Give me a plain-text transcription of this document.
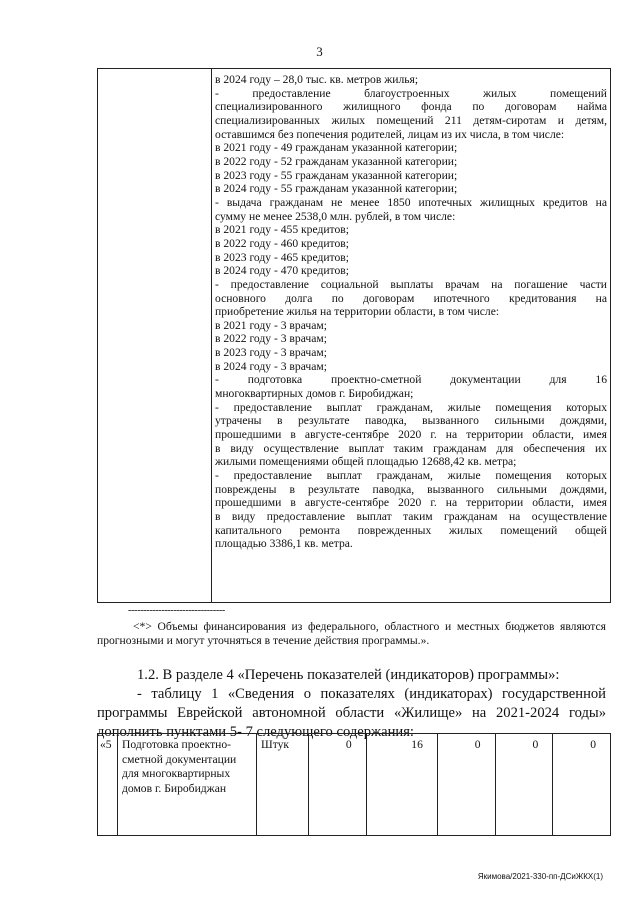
3
в 2024 году – 28,0 тыс. кв. метров жилья;
- предоставление благоустроенных жилых помещений
специализированного жилищного фонда по договорам найма
специализированных жилых помещений 211 детям-сиротам и детям,
оставшимся без попечения родителей, лицам из их числа, в том числе:
в 2021 году - 49 гражданам указанной категории;
в 2022 году - 52 гражданам указанной категории;
в 2023 году - 55 гражданам указанной категории;
в 2024 году - 55 гражданам указанной категории;
- выдача гражданам не менее 1850 ипотечных жилищных кредитов на
сумму не менее 2538,0 млн. рублей, в том числе:
в 2021 году - 455 кредитов;
в 2022 году - 460 кредитов;
в 2023 году - 465 кредитов;
в 2024 году - 470 кредитов;
- предоставление социальной выплаты врачам на погашение части
основного долга по договорам ипотечного кредитования на
приобретение жилья на территории области, в том числе:
в 2021 году - 3 врачам;
в 2022 году - 3 врачам;
в 2023 году - 3 врачам;
в 2024 году - 3 врачам;
- подготовка проектно-сметной документации для 16
многоквартирных домов г. Биробиджан;
- предоставление выплат гражданам, жилые помещения которых
утрачены в результате паводка, вызванного сильными дождями,
прошедшими в августе-сентябре 2020 г. на территории области, имея
в виду осуществление выплат таким гражданам для обеспечения их
жилыми помещениями общей площадью 12688,42 кв. метра;
- предоставление выплат гражданам, жилые помещения которых
повреждены в результате паводка, вызванного сильными дождями,
прошедшими в августе-сентябре 2020 г. на территории области, имея
в виду предоставление выплат таким гражданам на осуществление
капитального ремонта поврежденных жилых помещений общей
площадью 3386,1 кв. метра.
--------------------------------
<*> Объемы финансирования из федерального, областного и местных бюджетов являются прогнозными и могут уточняться в течение действия программы.».
1.2. В разделе 4 «Перечень показателей (индикаторов) программы»:
- таблицу 1 «Сведения о показателях (индикаторах) государственной программы Еврейской автономной области «Жилище» на 2021-2024 годы» дополнить пунктами 5- 7 следующего содержания:
«5	Подготовка проектно-сметной документации для многоквартирных домов г. Биробиджан	Штук	0	16	0	0	0
Якимова/2021-330-пп-ДСиЖКХ(1)
